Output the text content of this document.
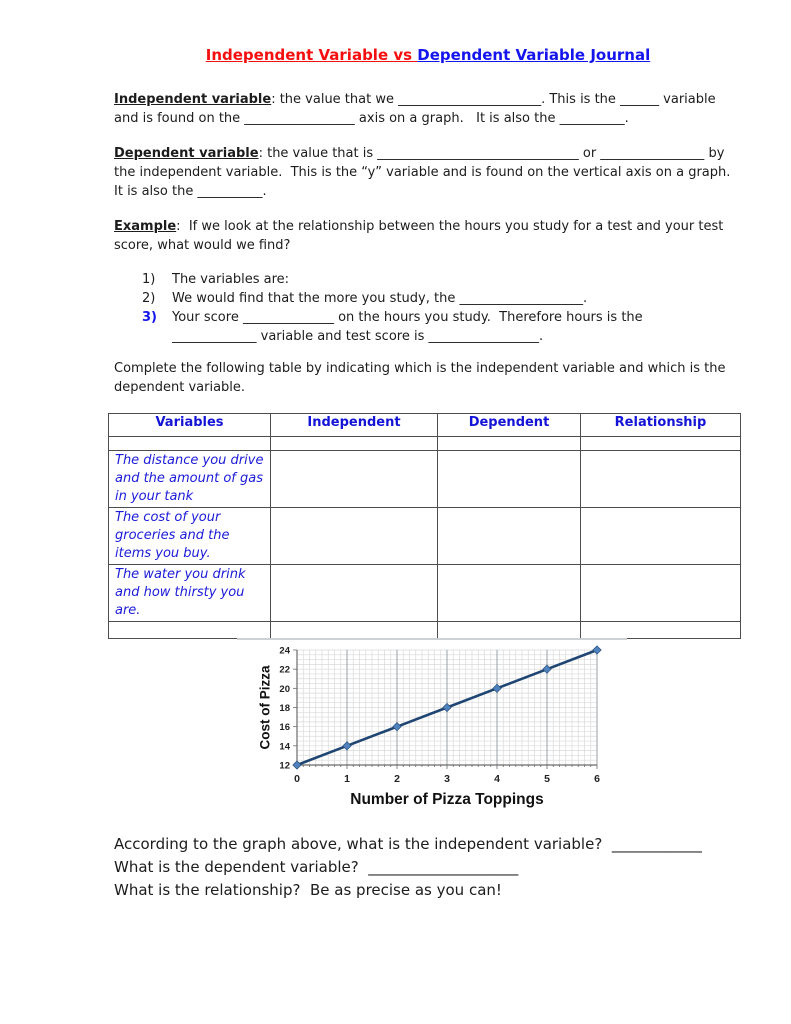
Independent Variable vs Dependent Variable Journal
Independent variable: the value that we ______________________. This is the ______ variable and is found on the _________________ axis on a graph.   It is also the __________.
Dependent variable: the value that is _______________________________ or ________________ by the independent variable.  This is the “y” variable and is found on the vertical axis on a graph.  It is also the __________.
Example:  If we look at the relationship between the hours you study for a test and your test score, what would we find?
1)	The variables are:
2)	We would find that the more you study, the ___________________.
3)	Your score ______________ on the hours you study.  Therefore hours is the
_____________ variable and test score is _________________.
Complete the following table by indicating which is the independent variable and which is the dependent variable.
Variables	Independent	Dependent	Relationship

The distance you drive and the amount of gas in your tank			
The cost of your groceries and the items you buy.			
The water you drink and how thirsty you are.			

Cost of Pizza
12
14
16
18
20
22
24
0	1	2	3	4	5	6
Number of Pizza Toppings
According to the graph above, what is the independent variable?  ____________
What is the dependent variable?  ____________________
What is the relationship?  Be as precise as you can!
